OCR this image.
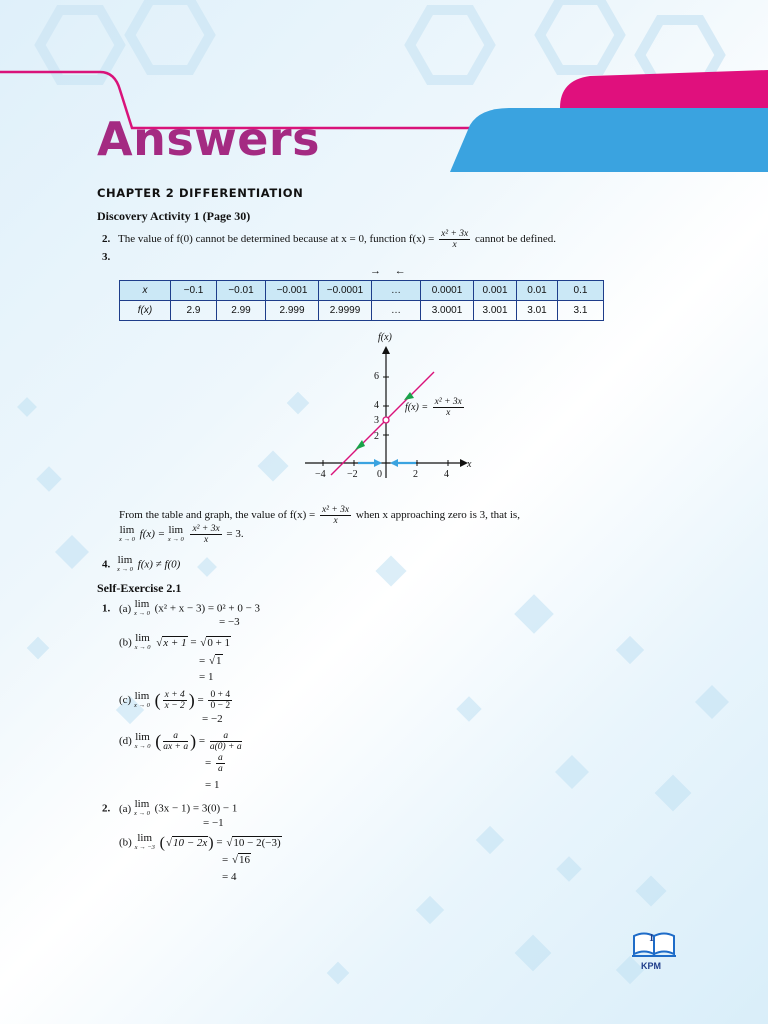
Answers
CHAPTER 2 DIFFERENTIATION
Discovery Activity 1 (Page 30)
2. The value of f(0) cannot be determined because at x = 0, function $f(x) = \frac{\text{x² + 3x}}{x}$ cannot be defined.
3.
→     ←
x	−0.1	−0.01	−0.001	−0.0001	…	0.0001	0.001	0.01	0.1
f(x)	2.9	2.99	2.999	2.9999	…	3.0001	3.001	3.01	3.1
f(x)
x
6
4
3
2
−4 −2 0	2	4
$f(x) = \frac{\text{x² + 3x}}{x}$
From the table and graph, the value of $f(x) = \frac{\text{x² + 3x}}{x}$ when x approaching zero is 3, that is,
lim
x → 0 f(x) = lim
x → 0
$\frac{\text{x² + 3x}}{x} = 3$.
4. lim
x → 0 f(x) ≠ f(0)
Self-Exercise 2.1
1. (a) lim
x → 0 (x² + x − 3) = 0² + 0 − 3
= −3
(b) lim
x → 0 √ x + 1 = √ 0 + 1
= √ 1
= 1
(c) lim
x → 0 ( $\frac{x + 4}{x - 2}$ ) = $\frac{0 + 4}{0 - 2}$
= −2
(d) lim
x → 0 ( $\frac{a}{ax + a}$ ) = $\frac{a}{a(0) + a}$
= $\frac{a}{a}$
= 1
2. (a) lim
x → 0 (3x − 1) = 3(0) − 1
= −1
(b) lim
x → −3 ( √ 10 − 2x) = √ 10 − 2(−3)
= √ 16
= 4
1
KPM
